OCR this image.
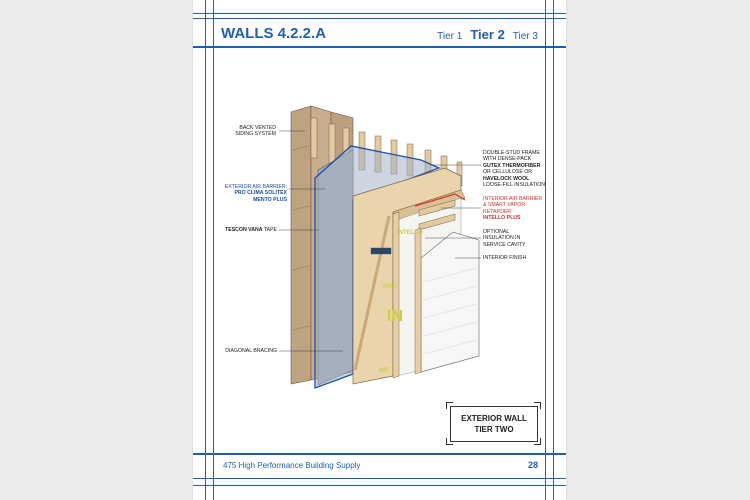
WALLS 4.2.2.A	Tier 1 Tier 2 Tier 3
INTELLO
IN
INTE
INT
BACK VENTED
SIDING SYSTEM
EXTERIOR AIR BARRIER:
PRO CLIMA SOLITEX
MENTO PLUS
TESCON VANA TAPE
DIAGONAL BRACING
DOUBLE-STUD FRAME
WITH DENSE-PACK
GUTEX THERMOFIBER
OR CELLULOSE OR
HAVELOCK WOOL
LOOSE-FILL INSULATION
INTERIOR AIR BARRIER
& SMART VAPOR
RETARDER:
INTELLO PLUS
OPTIONAL
INSULATION IN
SERVICE CAVITY
INTERIOR FINISH
EXTERIOR WALL
TIER TWO
475 High Performance Building Supply	28
